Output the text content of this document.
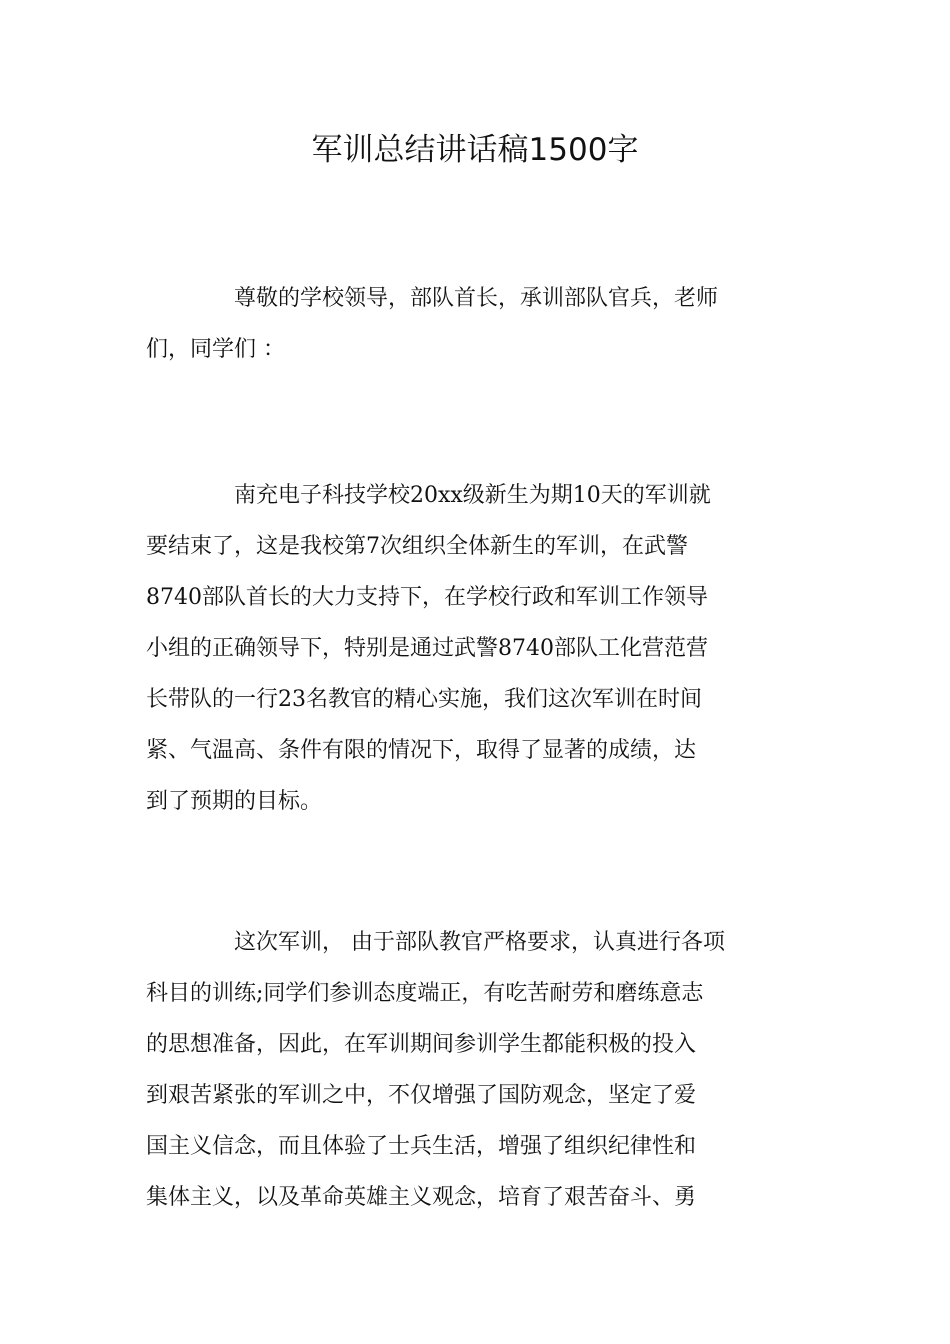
军训总结讲话稿1500字
尊敬的学校领导，部队首长，承训部队官兵，老师
们，同学们 ：
南充电子科技学校20xx级新生为期10天的军训就
要结束了，这是我校第7次组织全体新生的军训，在武警
8740部队首长的大力支持下，在学校行政和军训工作领导
小组的正确领导下，特别是通过武警8740部队工化营范营
长带队的一行23名教官的精心实施，我们这次军训在时间
紧、气温高、条件有限的情况下，取得了显著的成绩，达
到了预期的目标。
这次军训， 由于部队教官严格要求，认真进行各项
科目的训练;同学们参训态度端正，有吃苦耐劳和磨练意志
的思想准备，因此，在军训期间参训学生都能积极的投入
到艰苦紧张的军训之中，不仅增强了国防观念，坚定了爱
国主义信念，而且体验了士兵生活，增强了组织纪律性和
集体主义，以及革命英雄主义观念，培育了艰苦奋斗、勇
